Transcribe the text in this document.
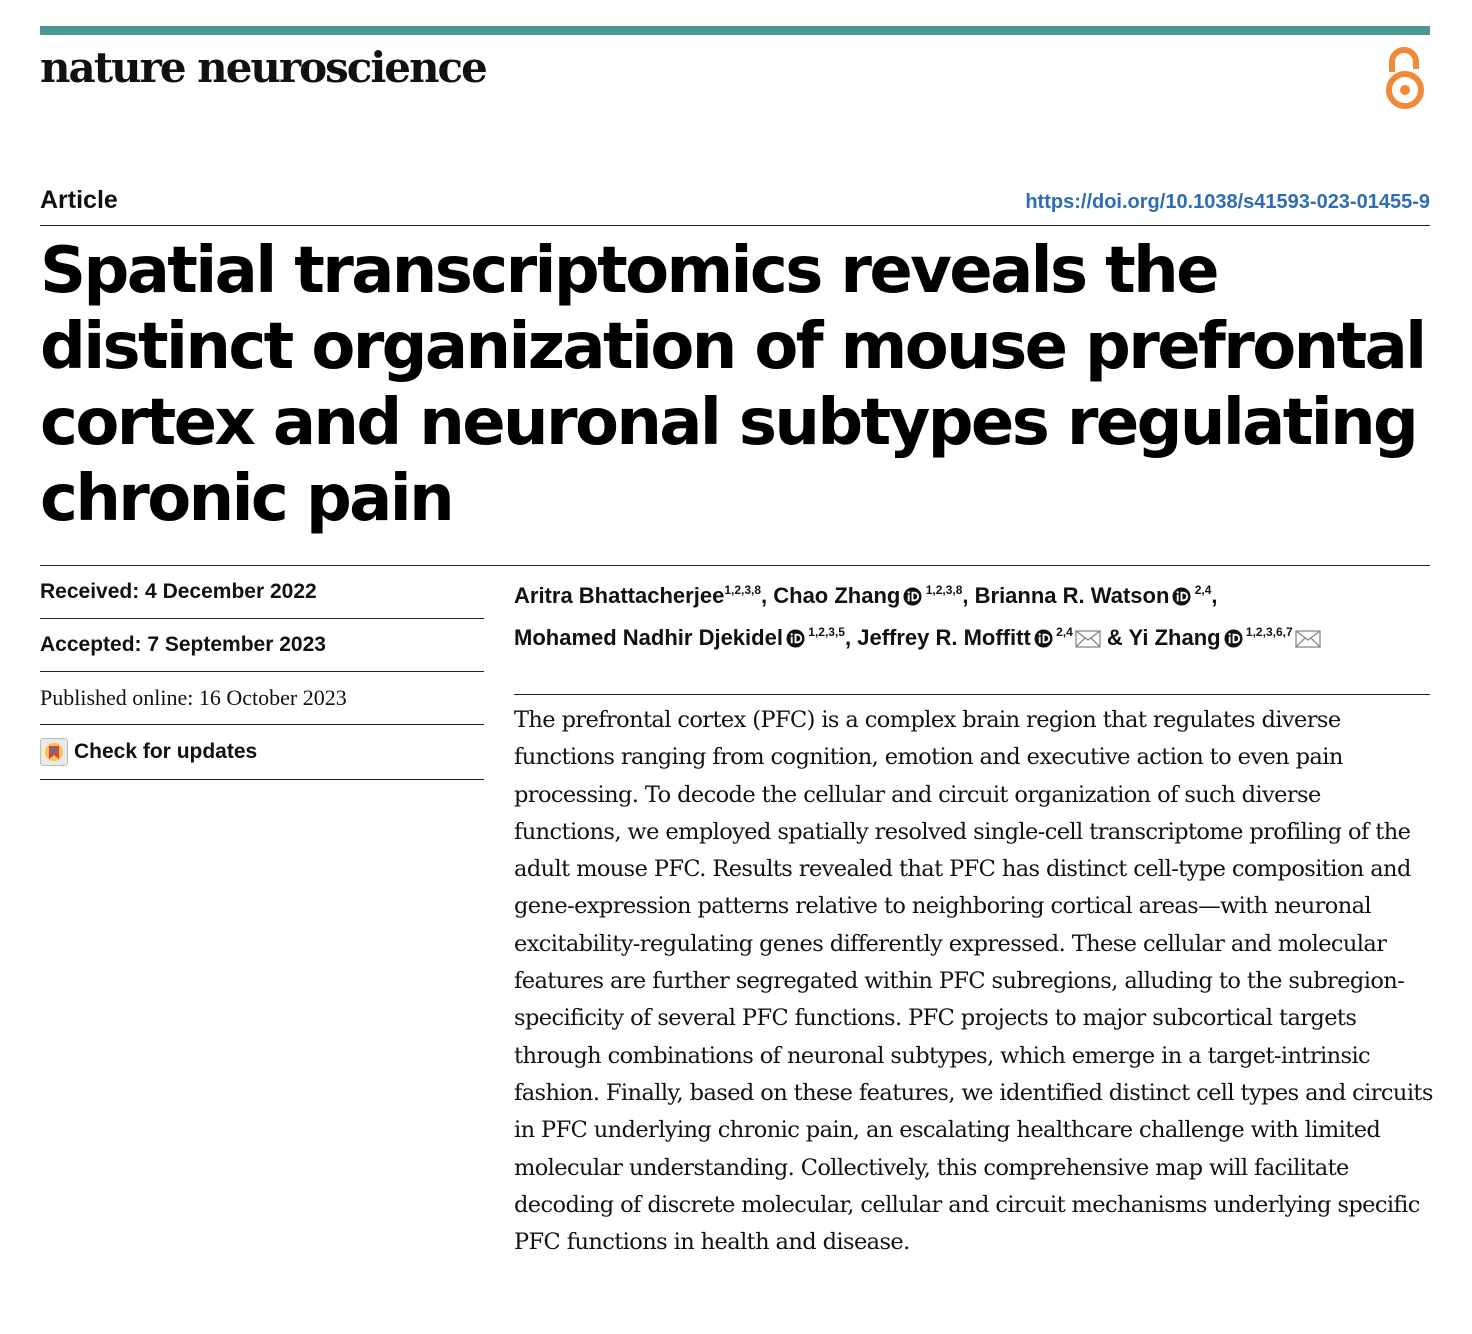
nature neuroscience
Article	https://doi.org/10.1038/s41593-023-01455-9
Spatial transcriptomics reveals the distinct organization of mouse prefrontal cortex and neuronal subtypes regulating chronic pain
Received: 4 December 2022
Accepted: 7 September 2023
Published online: 16 October 2023
Check for updates
Aritra Bhattacherjee$^{1,2,3,8}$, Chao Zhang $^{1,2,3,8}$, Brianna R. Watson $^{2,4}$,
Mohamed Nadhir Djekidel $^{1,2,3,5}$, Jeffrey R. Moffitt $^{2,4}$ & Yi Zhang $^{1,2,3,6,7}$

The prefrontal cortex (PFC) is a complex brain region that regulates diverse functions ranging from cognition, emotion and executive action to even pain processing. To decode the cellular and circuit organization of such diverse functions, we employed spatially resolved single-cell transcriptome profiling of the adult mouse PFC. Results revealed that PFC has distinct cell-type composition and gene-expression patterns relative to neighboring cortical areas—with neuronal excitability-regulating genes differently expressed. These cellular and molecular features are further segregated within PFC subregions, alluding to the subregion-specificity of several PFC functions. PFC projects to major subcortical targets through combinations of neuronal subtypes, which emerge in a target-intrinsic fashion. Finally, based on these features, we identified distinct cell types and circuits in PFC underlying chronic pain, an escalating healthcare challenge with limited molecular understanding. Collectively, this comprehensive map will facilitate decoding of discrete molecular, cellular and circuit mechanisms underlying specific PFC functions in health and disease.
